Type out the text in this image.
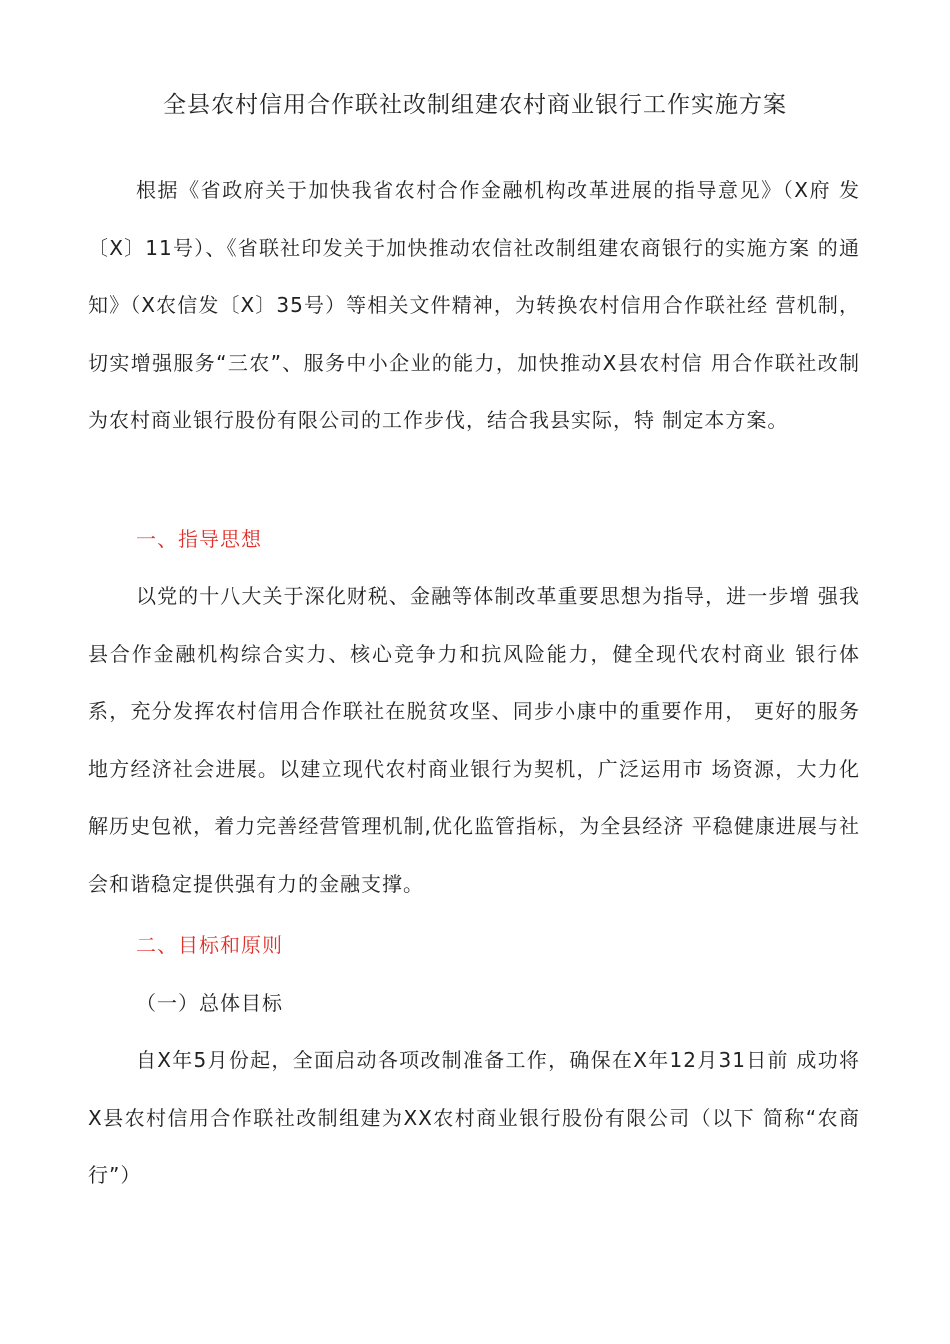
全县农村信用合作联社改制组建农村商业银行工作实施方案

根据《省政府关于加快我省农村合作金融机构改革进展的指导意见》（X府 发〔X〕11号）、《省联社印发关于加快推动农信社改制组建农商银行的实施方案 的通知》（X农信发〔X〕35号）等相关文件精神，为转换农村信用合作联社经 营机制，切实增强服务“三农”、服务中小企业的能力，加快推动X县农村信 用合作联社改制为农村商业银行股份有限公司的工作步伐，结合我县实际，特 制定本方案。

一、指导思想

以党的十八大关于深化财税、金融等体制改革重要思想为指导，进一步增 强我县合作金融机构综合实力、核心竞争力和抗风险能力，健全现代农村商业 银行体系，充分发挥农村信用合作联社在脱贫攻坚、同步小康中的重要作用， 更好的服务地方经济社会进展。以建立现代农村商业银行为契机，广泛运用市 场资源，大力化解历史包袱，着力完善经营管理机制,优化监管指标，为全县经济 平稳健康进展与社会和谐稳定提供强有力的金融支撑。

二、目标和原则

（一）总体目标

自X年5月份起，全面启动各项改制准备工作，确保在X年12月31日前 成功将X县农村信用合作联社改制组建为XX农村商业银行股份有限公司（以下 简称“农商行”）
